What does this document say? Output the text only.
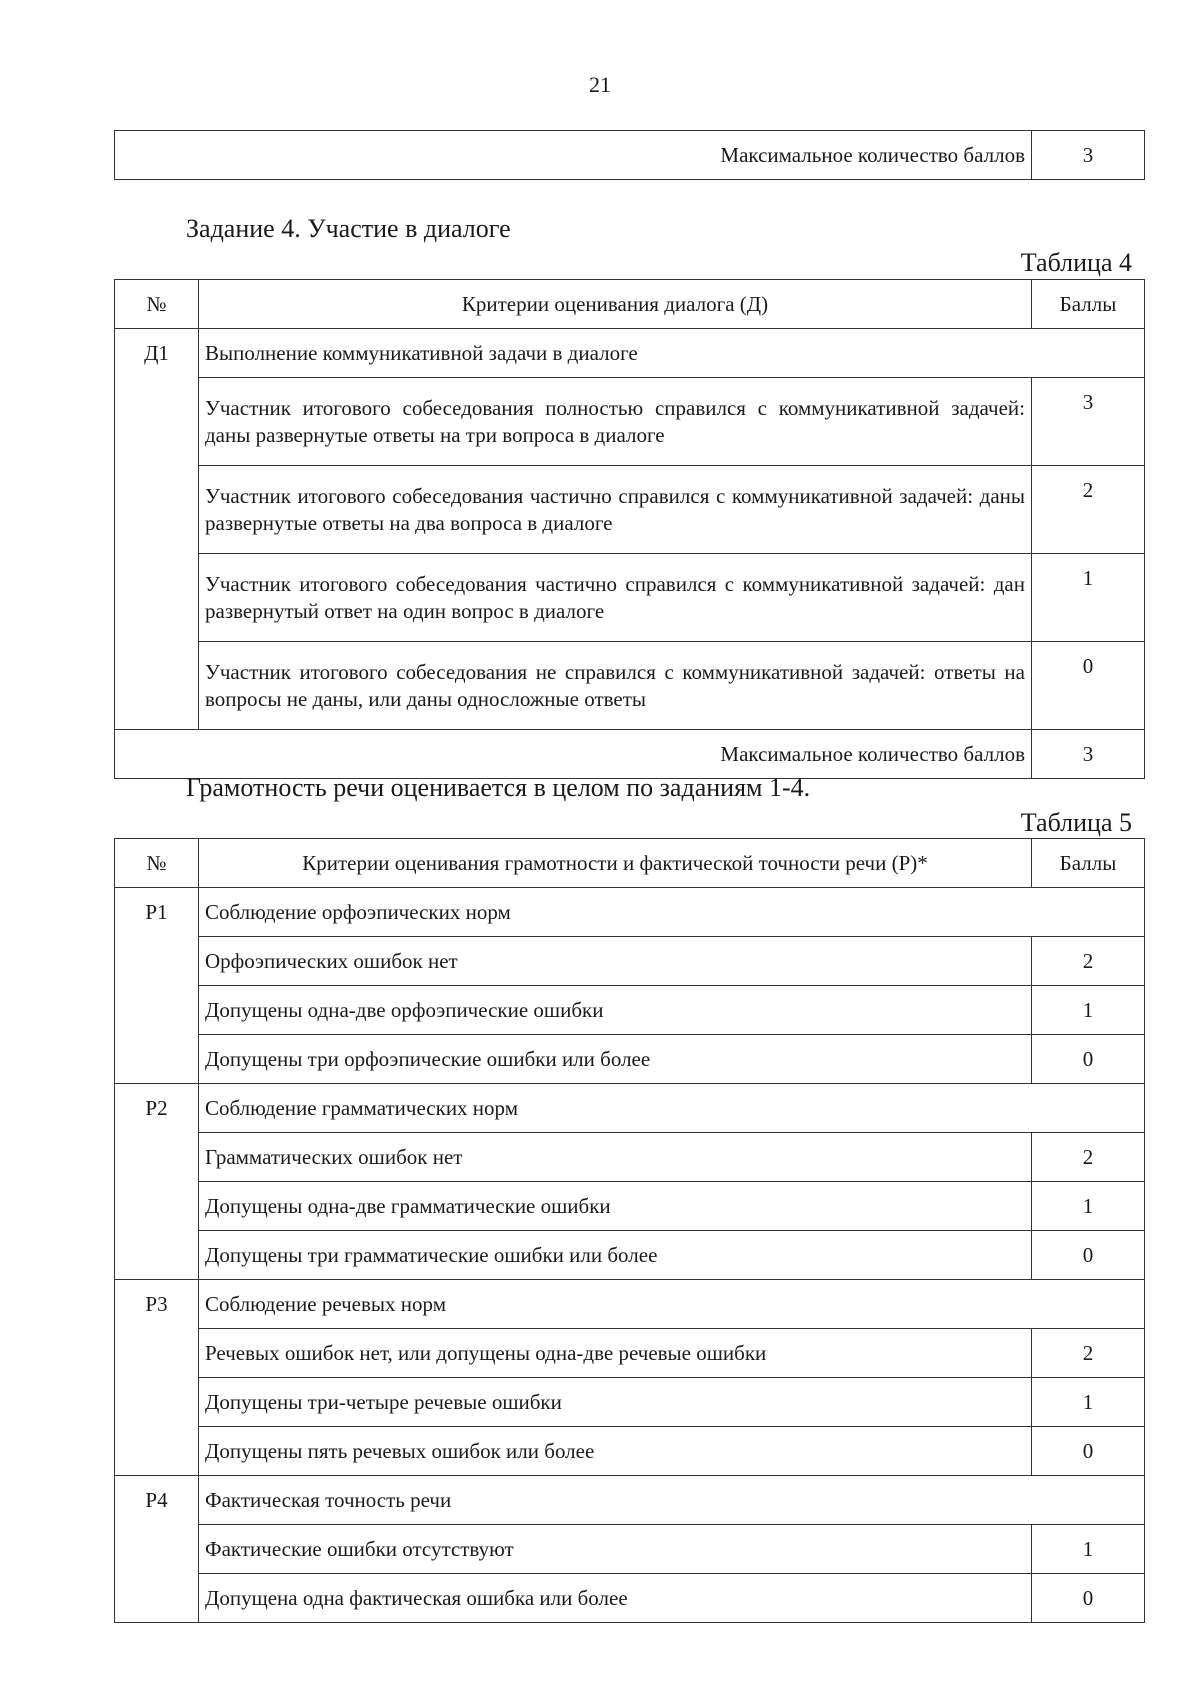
21
Максимальное количество баллов	3
Задание 4. Участие в диалоге
Таблица 4
№	Критерии оценивания диалога (Д)	Баллы
Д1	Выполнение коммуникативной задачи в диалоге	
	Участник итогового собеседования полностью справился с коммуникативной задачей: даны развернутые ответы на три вопроса в диалоге	3
	Участник итогового собеседования частично справился с коммуникативной задачей: даны развернутые ответы на два вопроса в диалоге	2
	Участник итогового собеседования частично справился с коммуникативной задачей: дан развернутый ответ на один вопрос в диалоге	1
	Участник итогового собеседования не справился с коммуникативной задачей: ответы на вопросы не даны, или даны односложные ответы	0
Максимальное количество баллов		3
Грамотность речи оценивается в целом по заданиям 1-4.
Таблица 5
№	Критерии оценивания грамотности и фактической точности речи (Р)*	Баллы
Р1	Соблюдение орфоэпических норм	
	Орфоэпических ошибок нет	2
	Допущены одна-две орфоэпические ошибки	1
	Допущены три орфоэпические ошибки или более	0
Р2	Соблюдение грамматических норм	
	Грамматических ошибок нет	2
	Допущены одна-две грамматические ошибки	1
	Допущены три грамматические ошибки или более	0
Р3	Соблюдение речевых норм	
	Речевых ошибок нет, или допущены одна-две речевые ошибки	2
	Допущены три-четыре речевые ошибки	1
	Допущены пять речевых ошибок или более	0
Р4	Фактическая точность речи	
	Фактические ошибки отсутствуют	1
	Допущена одна фактическая ошибка или более	0
